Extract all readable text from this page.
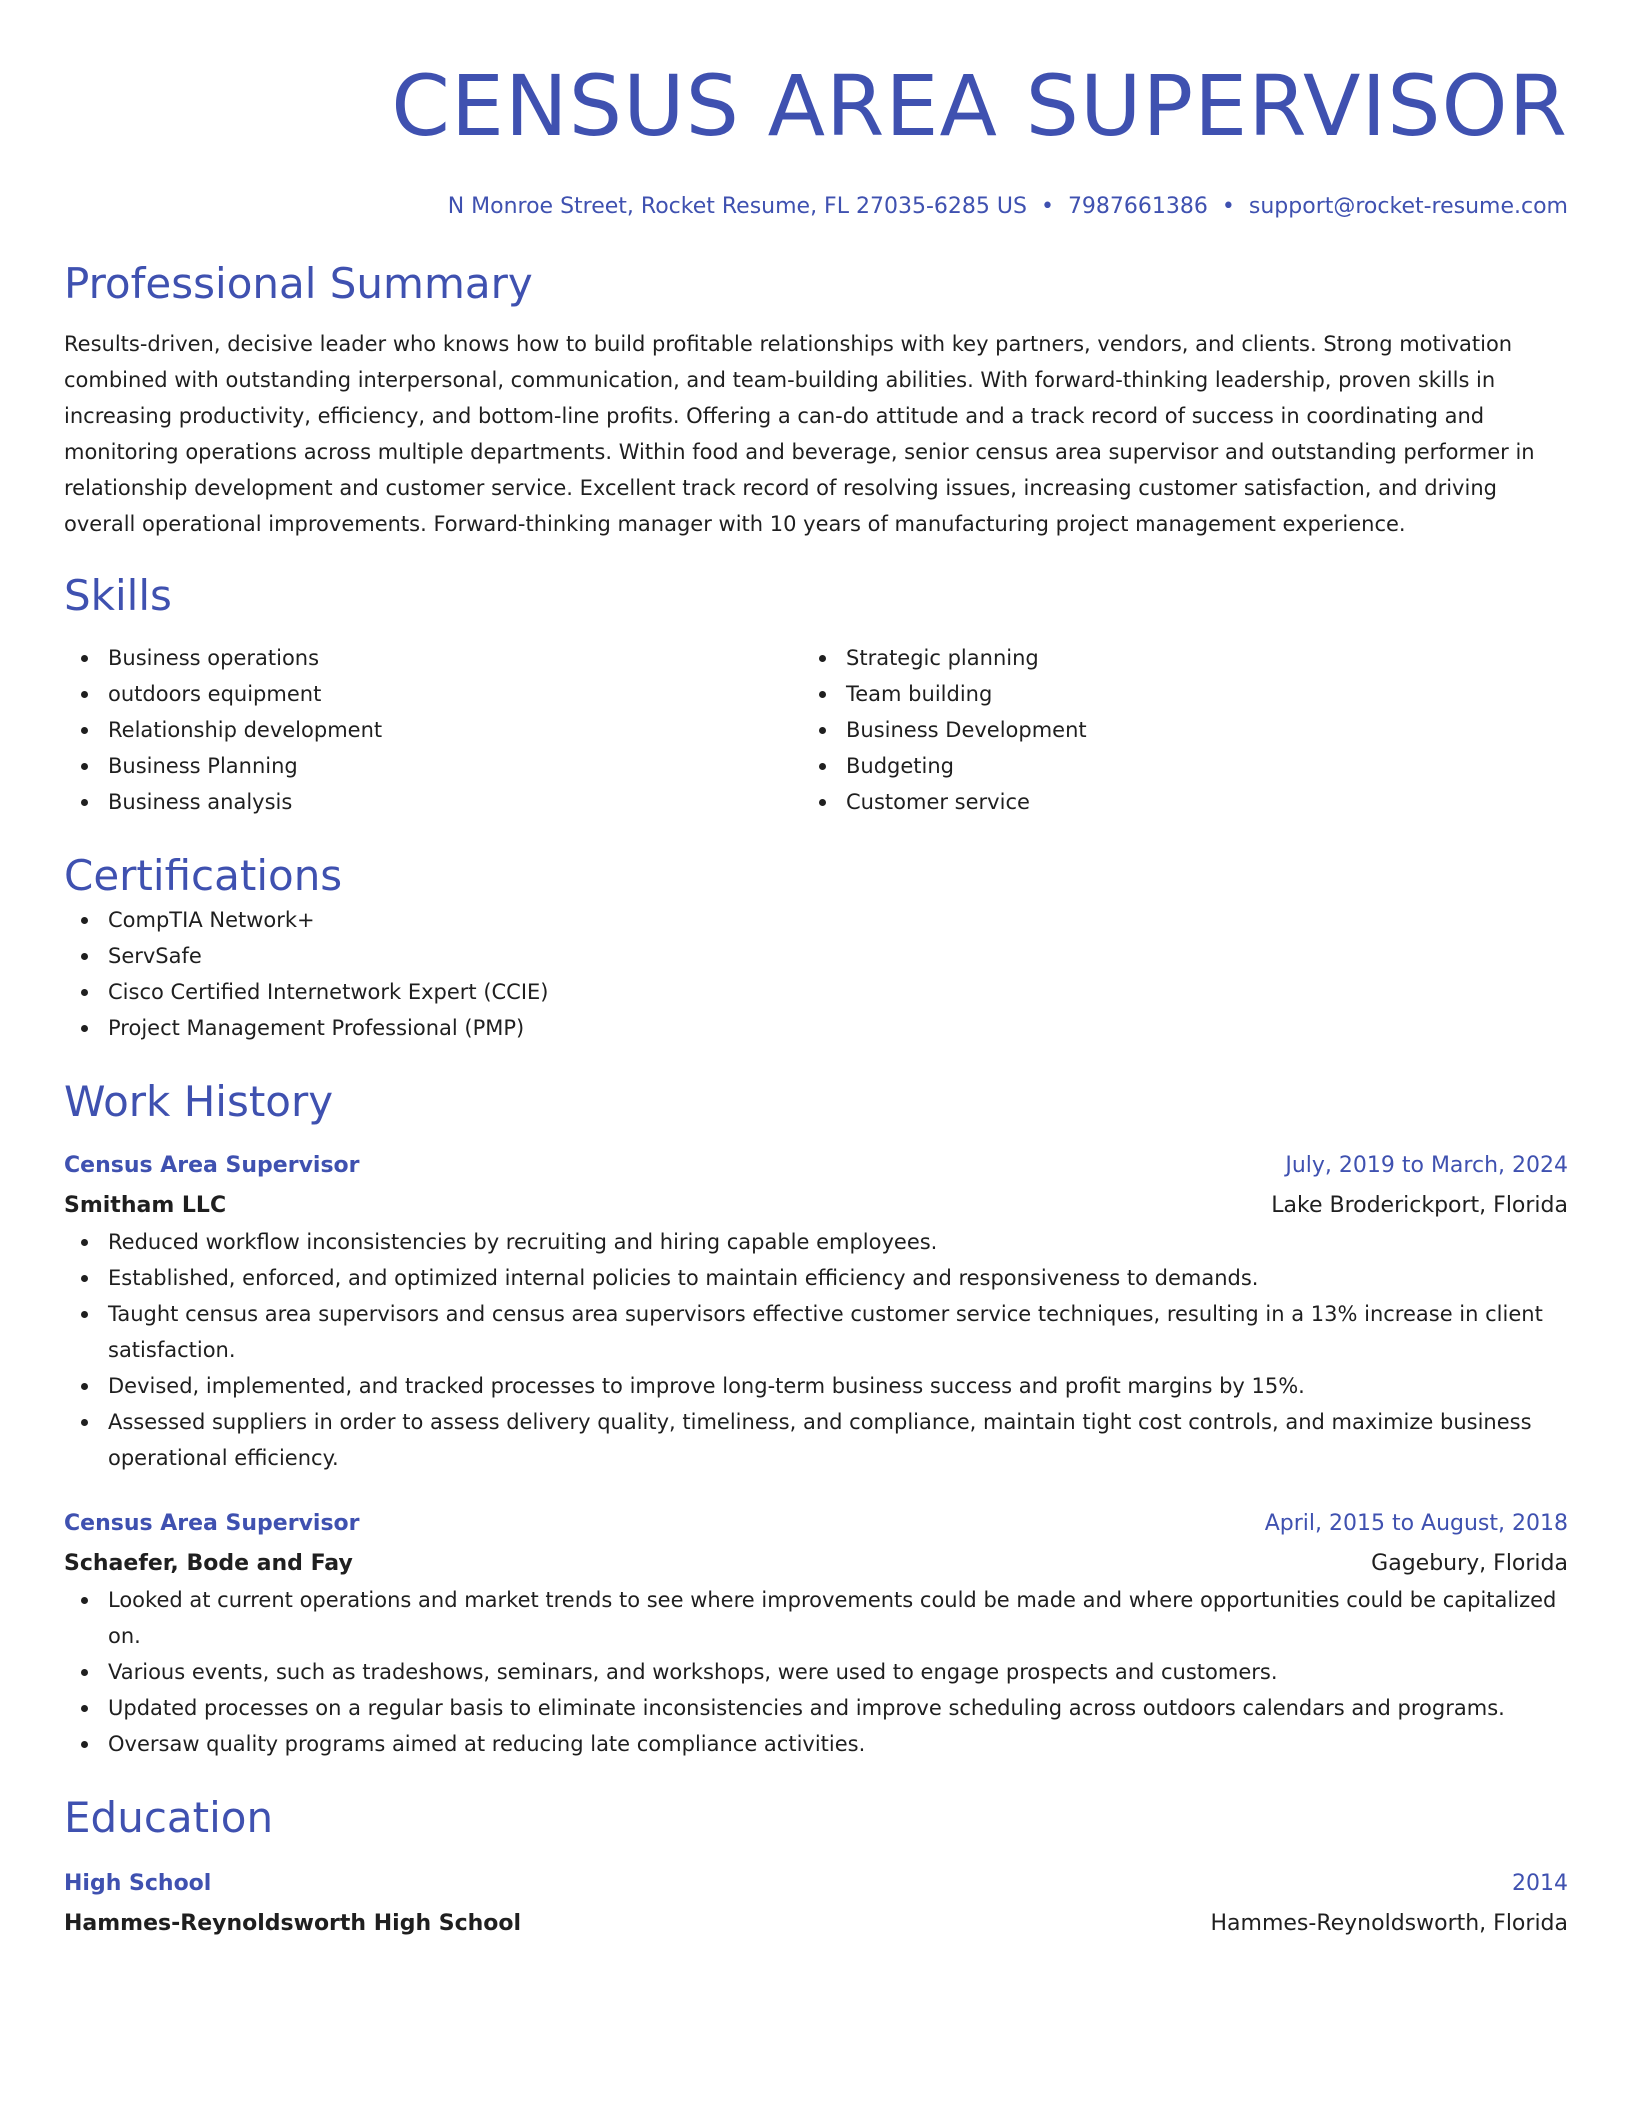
CENSUS AREA SUPERVISOR
N Monroe Street, Rocket Resume, FL 27035-6285 US • 7987661386 • support@rocket-resume.com
Professional Summary
Results-driven, decisive leader who knows how to build profitable relationships with key partners, vendors, and clients. Strong motivation combined with outstanding interpersonal, communication, and team-building abilities. With forward-thinking leadership, proven skills in increasing productivity, efficiency, and bottom-line profits. Offering a can-do attitude and a track record of success in coordinating and monitoring operations across multiple departments. Within food and beverage, senior census area supervisor and outstanding performer in relationship development and customer service. Excellent track record of resolving issues, increasing customer satisfaction, and driving overall operational improvements. Forward-thinking manager with 10 years of manufacturing project management experience.
Skills
Business operations
outdoors equipment
Relationship development
Business Planning
Business analysis
Strategic planning
Team building
Business Development
Budgeting
Customer service
Certifications
CompTIA Network+
ServSafe
Cisco Certified Internetwork Expert (CCIE)
Project Management Professional (PMP)
Work History
Census Area Supervisor	July, 2019 to March, 2024
Smitham LLC	Lake Broderickport, Florida
Reduced workflow inconsistencies by recruiting and hiring capable employees.
Established, enforced, and optimized internal policies to maintain efficiency and responsiveness to demands.
Taught census area supervisors and census area supervisors effective customer service techniques, resulting in a 13% increase in client satisfaction.
Devised, implemented, and tracked processes to improve long-term business success and profit margins by 15%.
Assessed suppliers in order to assess delivery quality, timeliness, and compliance, maintain tight cost controls, and maximize business operational efficiency.
Census Area Supervisor	April, 2015 to August, 2018
Schaefer, Bode and Fay	Gagebury, Florida
Looked at current operations and market trends to see where improvements could be made and where opportunities could be capitalized on.
Various events, such as tradeshows, seminars, and workshops, were used to engage prospects and customers.
Updated processes on a regular basis to eliminate inconsistencies and improve scheduling across outdoors calendars and programs.
Oversaw quality programs aimed at reducing late compliance activities.
Education
High School	2014
Hammes-Reynoldsworth High School	Hammes-Reynoldsworth, Florida
